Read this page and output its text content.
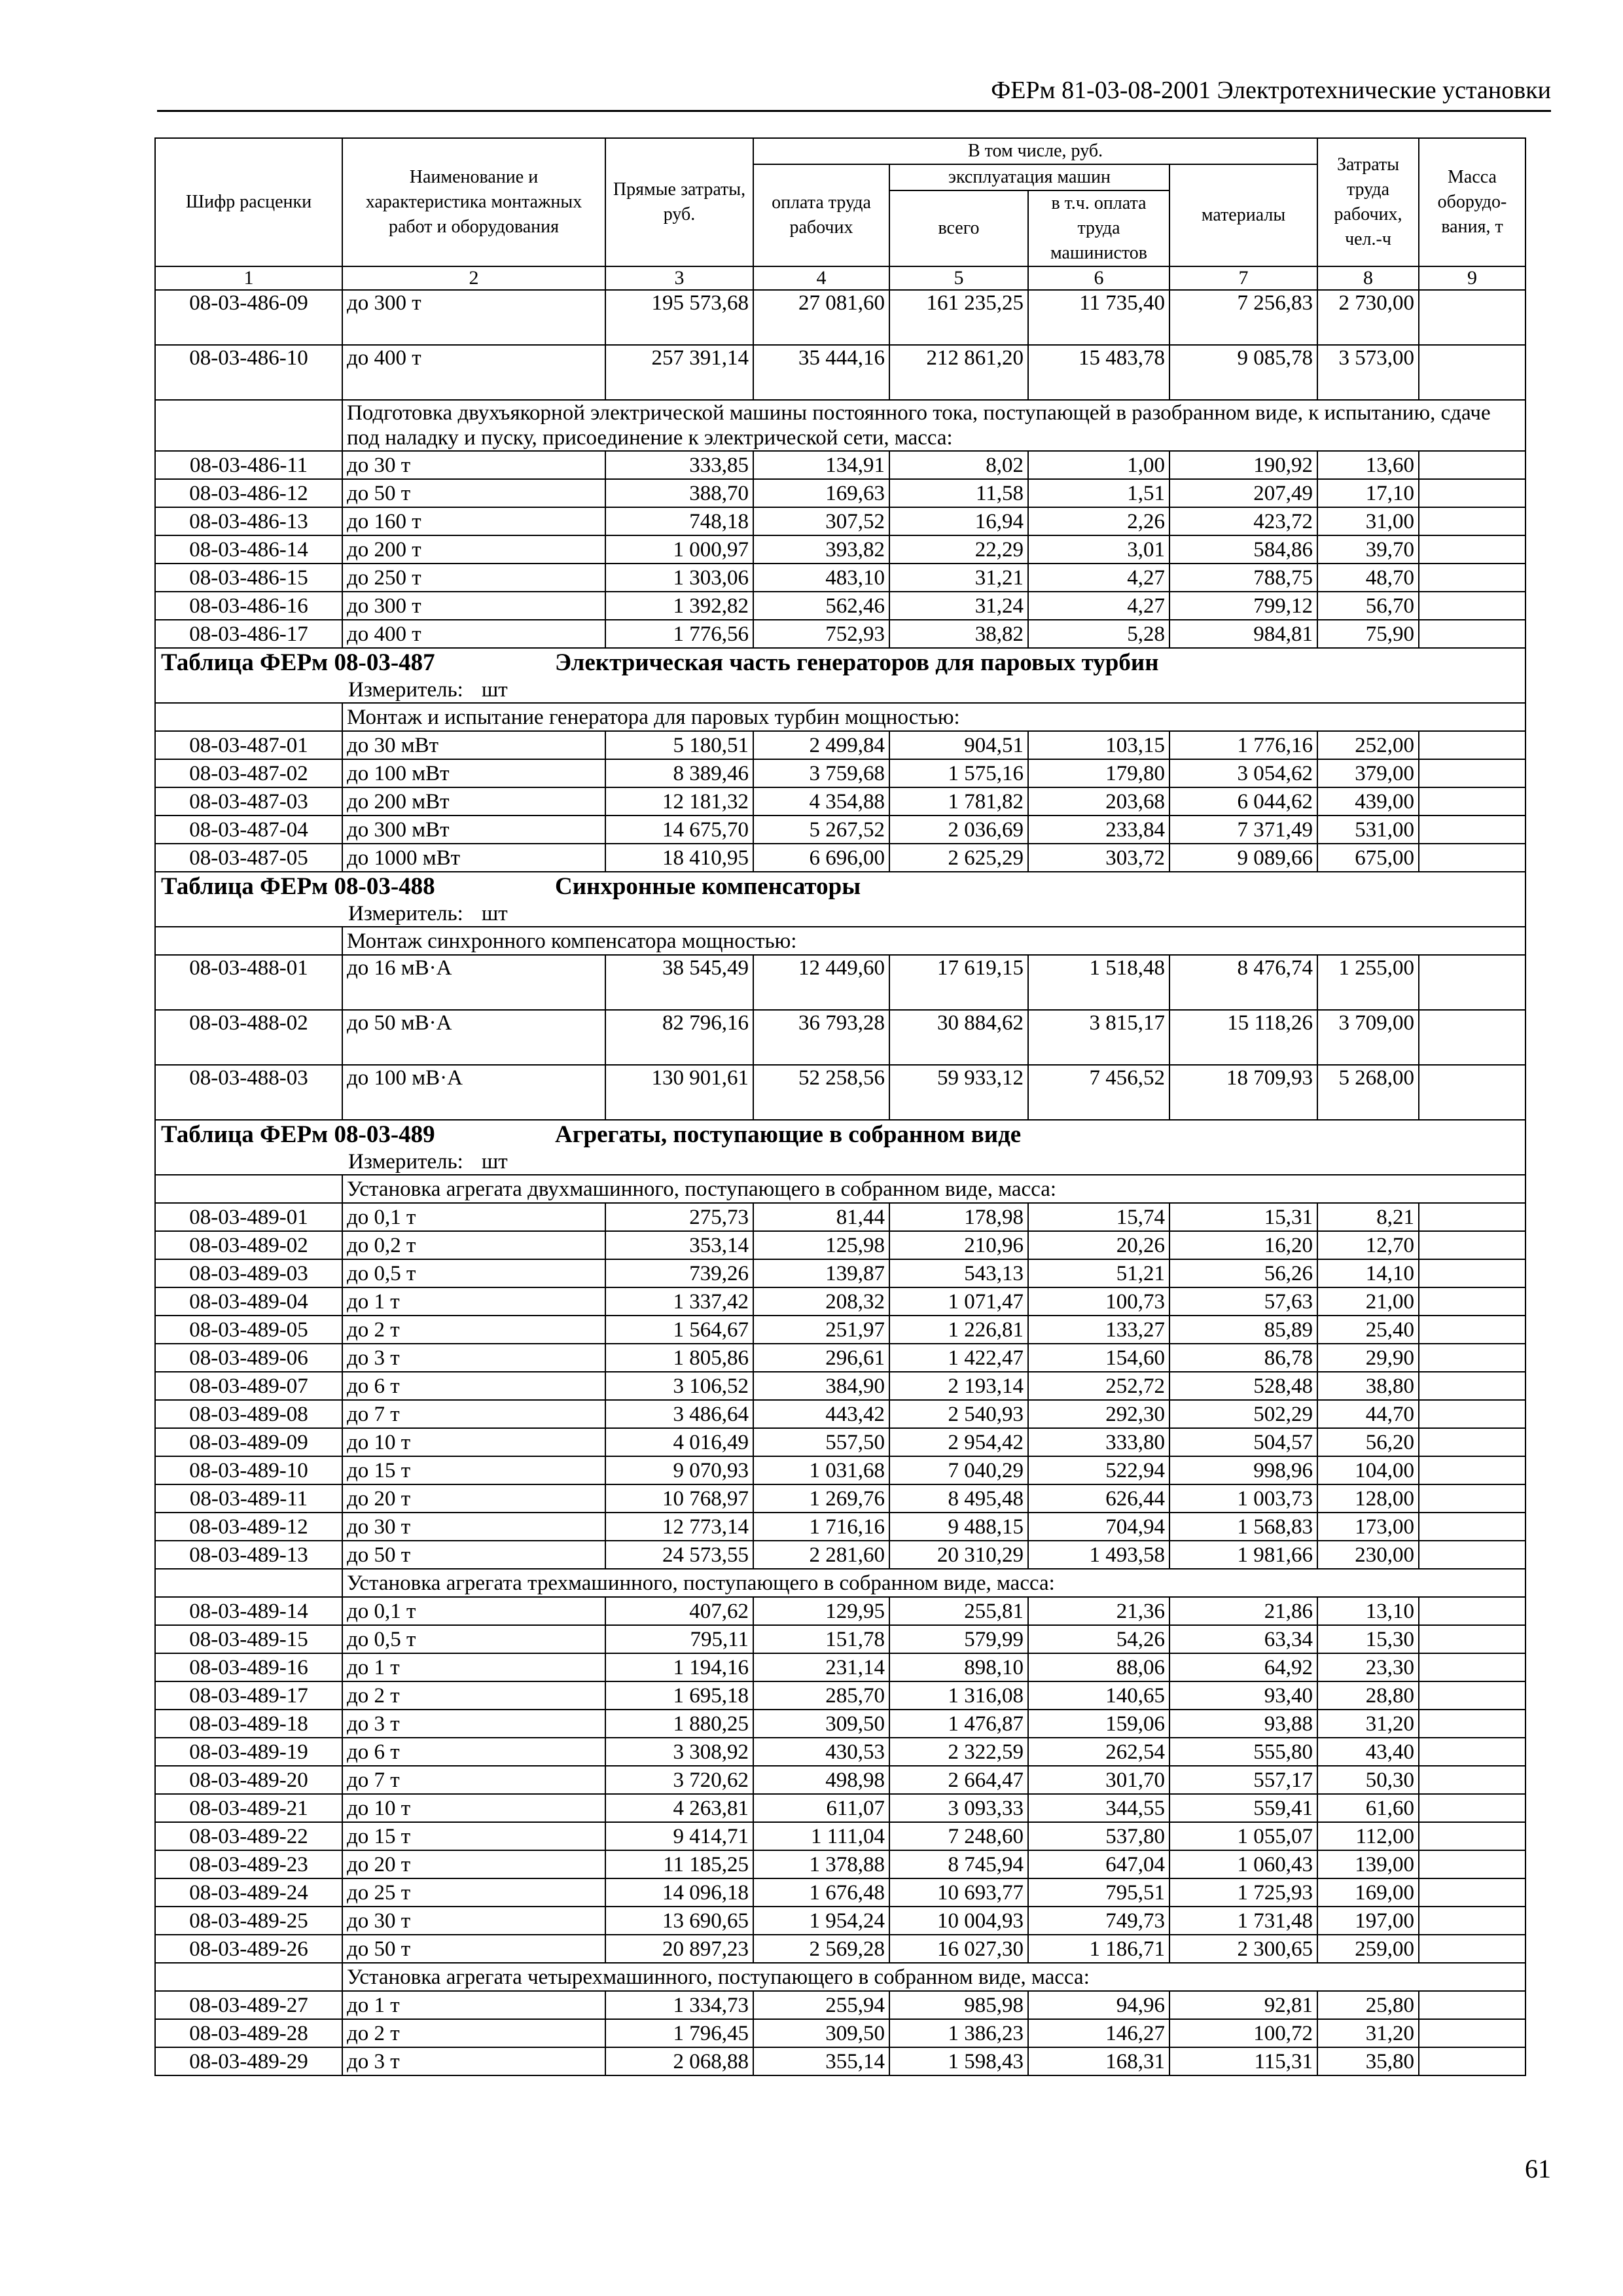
ФЕРм 81-03-08-2001 Электротехнические установки
Шифр расценки	Наименование и характеристика монтажных работ и оборудования	Прямые затраты, руб.	В том числе, руб.				Затраты труда рабочих, чел.-ч	Масса оборудо-вания, т
			оплата труда рабочих	эксплуатация машин		материалы		
				всего	в т.ч. оплата труда машинистов			

1	2	3	4	5	6	7	8	9
08-03-486-09	до 300 т	195 573,68	27 081,60	161 235,25	11 735,40	7 256,83	2 730,00	
08-03-486-10	до 400 т	257 391,14	35 444,16	212 861,20	15 483,78	9 085,78	3 573,00	
	Подготовка двухъякорной электрической машины постоянного тока, поступающей в разобранном виде, к испытанию, сдаче под наладку и пуску, присоединение к электрической сети, масса:							
08-03-486-11	до 30 т	333,85	134,91	8,02	1,00	190,92	13,60	
08-03-486-12	до 50 т	388,70	169,63	11,58	1,51	207,49	17,10	
08-03-486-13	до 160 т	748,18	307,52	16,94	2,26	423,72	31,00	
08-03-486-14	до 200 т	1 000,97	393,82	22,29	3,01	584,86	39,70	
08-03-486-15	до 250 т	1 303,06	483,10	31,21	4,27	788,75	48,70	
08-03-486-16	до 300 т	1 392,82	562,46	31,24	4,27	799,12	56,70	
08-03-486-17	до 400 т	1 776,56	752,93	38,82	5,28	984,81	75,90	
Таблица ФЕРм 08-03-487 Электрическая часть генераторов для паровых турбин								
Измеритель: шт								
	Монтаж и испытание генератора для паровых турбин мощностью:							
08-03-487-01	до 30 мВт	5 180,51	2 499,84	904,51	103,15	1 776,16	252,00	
08-03-487-02	до 100 мВт	8 389,46	3 759,68	1 575,16	179,80	3 054,62	379,00	
08-03-487-03	до 200 мВт	12 181,32	4 354,88	1 781,82	203,68	6 044,62	439,00	
08-03-487-04	до 300 мВт	14 675,70	5 267,52	2 036,69	233,84	7 371,49	531,00	
08-03-487-05	до 1000 мВт	18 410,95	6 696,00	2 625,29	303,72	9 089,66	675,00	
Таблица ФЕРм 08-03-488 Синхронные компенсаторы								
Измеритель: шт								
	Монтаж синхронного компенсатора мощностью:							
08-03-488-01	до 16 мВ·А	38 545,49	12 449,60	17 619,15	1 518,48	8 476,74	1 255,00	
08-03-488-02	до 50 мВ·А	82 796,16	36 793,28	30 884,62	3 815,17	15 118,26	3 709,00	
08-03-488-03	до 100 мВ·А	130 901,61	52 258,56	59 933,12	7 456,52	18 709,93	5 268,00	
Таблица ФЕРм 08-03-489 Агрегаты, поступающие в собранном виде								
Измеритель: шт								
	Установка агрегата двухмашинного, поступающего в собранном виде, масса:							
08-03-489-01	до 0,1 т	275,73	81,44	178,98	15,74	15,31	8,21	
08-03-489-02	до 0,2 т	353,14	125,98	210,96	20,26	16,20	12,70	
08-03-489-03	до 0,5 т	739,26	139,87	543,13	51,21	56,26	14,10	
08-03-489-04	до 1 т	1 337,42	208,32	1 071,47	100,73	57,63	21,00	
08-03-489-05	до 2 т	1 564,67	251,97	1 226,81	133,27	85,89	25,40	
08-03-489-06	до 3 т	1 805,86	296,61	1 422,47	154,60	86,78	29,90	
08-03-489-07	до 6 т	3 106,52	384,90	2 193,14	252,72	528,48	38,80	
08-03-489-08	до 7 т	3 486,64	443,42	2 540,93	292,30	502,29	44,70	
08-03-489-09	до 10 т	4 016,49	557,50	2 954,42	333,80	504,57	56,20	
08-03-489-10	до 15 т	9 070,93	1 031,68	7 040,29	522,94	998,96	104,00	
08-03-489-11	до 20 т	10 768,97	1 269,76	8 495,48	626,44	1 003,73	128,00	
08-03-489-12	до 30 т	12 773,14	1 716,16	9 488,15	704,94	1 568,83	173,00	
08-03-489-13	до 50 т	24 573,55	2 281,60	20 310,29	1 493,58	1 981,66	230,00	
	Установка агрегата трехмашинного, поступающего в собранном виде, масса:							
08-03-489-14	до 0,1 т	407,62	129,95	255,81	21,36	21,86	13,10	
08-03-489-15	до 0,5 т	795,11	151,78	579,99	54,26	63,34	15,30	
08-03-489-16	до 1 т	1 194,16	231,14	898,10	88,06	64,92	23,30	
08-03-489-17	до 2 т	1 695,18	285,70	1 316,08	140,65	93,40	28,80	
08-03-489-18	до 3 т	1 880,25	309,50	1 476,87	159,06	93,88	31,20	
08-03-489-19	до 6 т	3 308,92	430,53	2 322,59	262,54	555,80	43,40	
08-03-489-20	до 7 т	3 720,62	498,98	2 664,47	301,70	557,17	50,30	
08-03-489-21	до 10 т	4 263,81	611,07	3 093,33	344,55	559,41	61,60	
08-03-489-22	до 15 т	9 414,71	1 111,04	7 248,60	537,80	1 055,07	112,00	
08-03-489-23	до 20 т	11 185,25	1 378,88	8 745,94	647,04	1 060,43	139,00	
08-03-489-24	до 25 т	14 096,18	1 676,48	10 693,77	795,51	1 725,93	169,00	
08-03-489-25	до 30 т	13 690,65	1 954,24	10 004,93	749,73	1 731,48	197,00	
08-03-489-26	до 50 т	20 897,23	2 569,28	16 027,30	1 186,71	2 300,65	259,00	
	Установка агрегата четырехмашинного, поступающего в собранном виде, масса:							
08-03-489-27	до 1 т	1 334,73	255,94	985,98	94,96	92,81	25,80	
08-03-489-28	до 2 т	1 796,45	309,50	1 386,23	146,27	100,72	31,20	
08-03-489-29	до 3 т	2 068,88	355,14	1 598,43	168,31	115,31	35,80	
61
